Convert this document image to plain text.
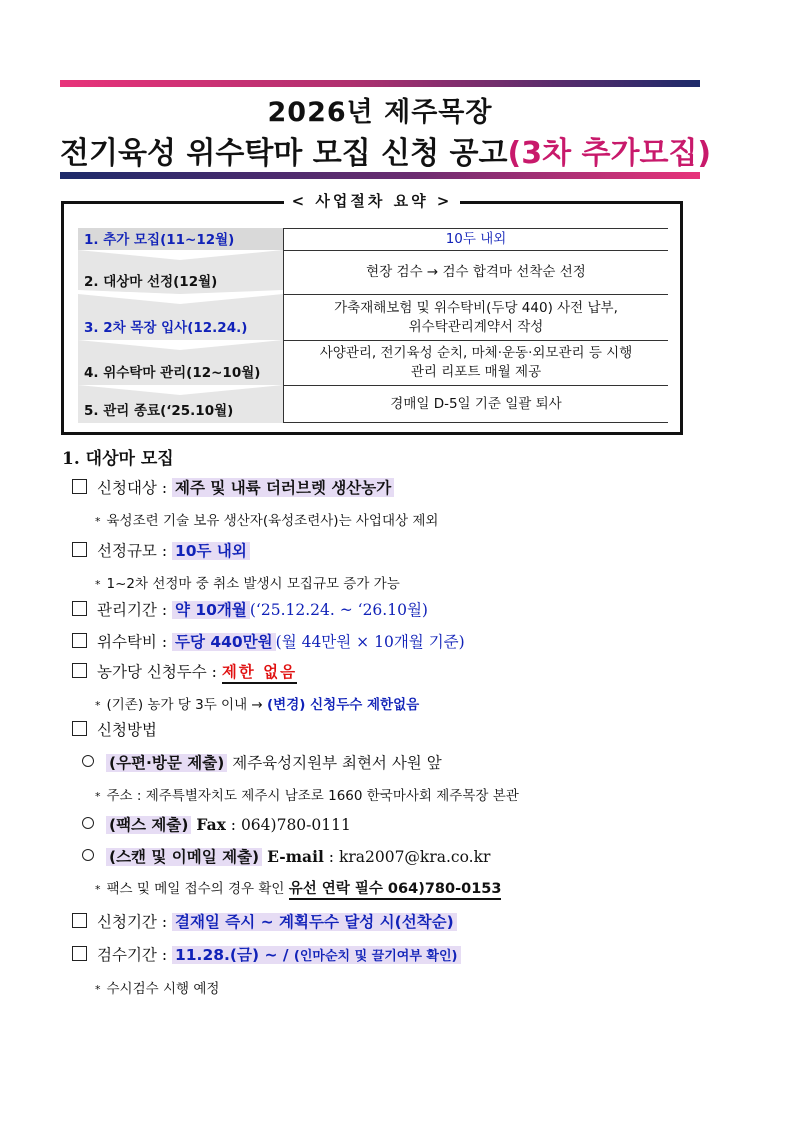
2026년 제주목장
전기육성 위수탁마 모집 신청 공고(3차 추가모집)
< 사업절차 요약 >
1. 추가 모집(11~12월)	10두 내외
2. 대상마 선정(12월)
현장 검수 → 검수 합격마 선착순 선정
3. 2차 목장 입사(12.24.)
가축재해보험 및 위수탁비(두당 440) 사전 납부,
위수탁관리계약서 작성
4. 위수탁마 관리(12~10월)
사양관리, 전기육성 순치, 마체·운동·외모관리 등 시행
관리 리포트 매월 제공
5. 관리 종료(‘25.10월)	경매일 D-5일 기준 일괄 퇴사
1. 대상마 모집
신청대상 : 제주 및 내륙 더러브렛 생산농가
* 육성조련 기술 보유 생산자(육성조련사)는 사업대상 제외
선정규모 : 10두 내외
* 1~2차 선정마 중 취소 발생시 모집규모 증가 가능
관리기간 : 약 10개월 (‘25.12.24. ~ ‘26.10월)
위수탁비 : 두당 440만원 (월 44만원 × 10개월 기준)
농가당 신청두수 : 제한 없음
* (기존) 농가 당 3두 이내 → (변경) 신청두수 제한없음
신청방법
(우편·방문 제출) 제주육성지원부 최현서 사원 앞
* 주소 : 제주특별자치도 제주시 남조로 1660 한국마사회 제주목장 본관
(팩스 제출) Fax : 064)780-0111
(스캔 및 이메일 제출) E-mail : kra2007@kra.co.kr
* 팩스 및 메일 접수의 경우 확인 유선 연락 필수 064)780-0153
신청기간 : 결재일 즉시 ~ 계획두수 달성 시(선착순)
검수기간 : 11.28.(금) ~ / (인마순치 및 끌기여부 확인)
* 수시검수 시행 예정
